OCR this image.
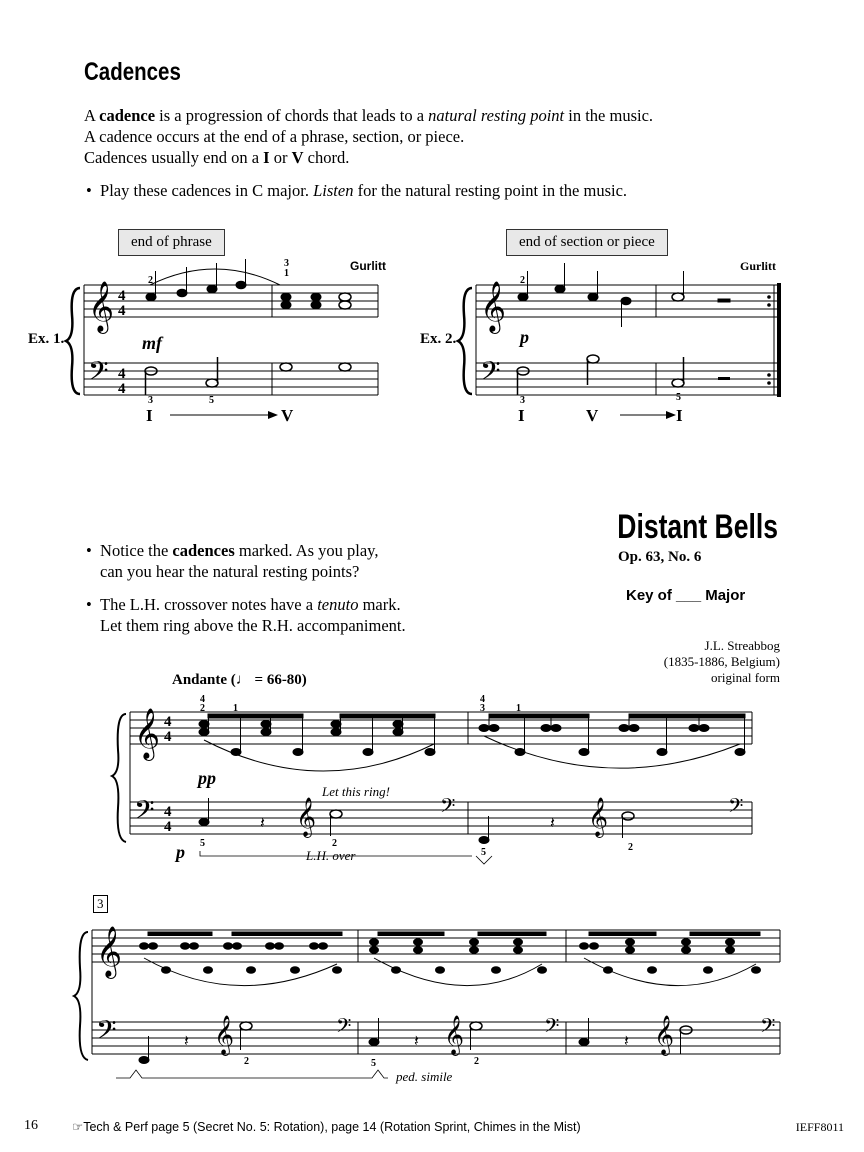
Cadences
A cadence is a progression of chords that leads to a natural resting point in the music.
A cadence occurs at the end of a phrase, section, or piece.
Cadences usually end on a I or V chord.
•  Play these cadences in C major. Listen for the natural resting point in the music.
end of phrase	end of section or piece
Gurlitt
Ex. 1.
𝄞
𝄢
4
4
4
4
2
3
1
mf
3	5
I	V
Gurlitt
Ex. 2.
𝄞
𝄢
2
p
3	5
I	V	I
Distant Bells
Op. 63, No. 6
Key of ___ Major
•  Notice the cadences marked. As you play,
can you hear the natural resting points?
•  The L.H. crossover notes have a tenuto mark.
Let them ring above the R.H. accompaniment.
J.L. Streabbog
(1835-1886, Belgium)
original form
Andante (♩ = 66-80)
𝄞
𝄢
4
4
4
4
4
2	1
4
3	1
pp
Let this ring!
𝄽 𝄞	𝄢
𝄽 𝄞	𝄢
5	2
5	2
p	L.H. over
3
𝄞
𝄢	𝄽 𝄞	𝄢	𝄽 𝄞	𝄢	𝄽 𝄞	𝄢
2	5	2
ped. simile
16	☞Tech & Perf page 5 (Secret No. 5: Rotation), page 14 (Rotation Sprint, Chimes in the Mist)	IEFF8011
